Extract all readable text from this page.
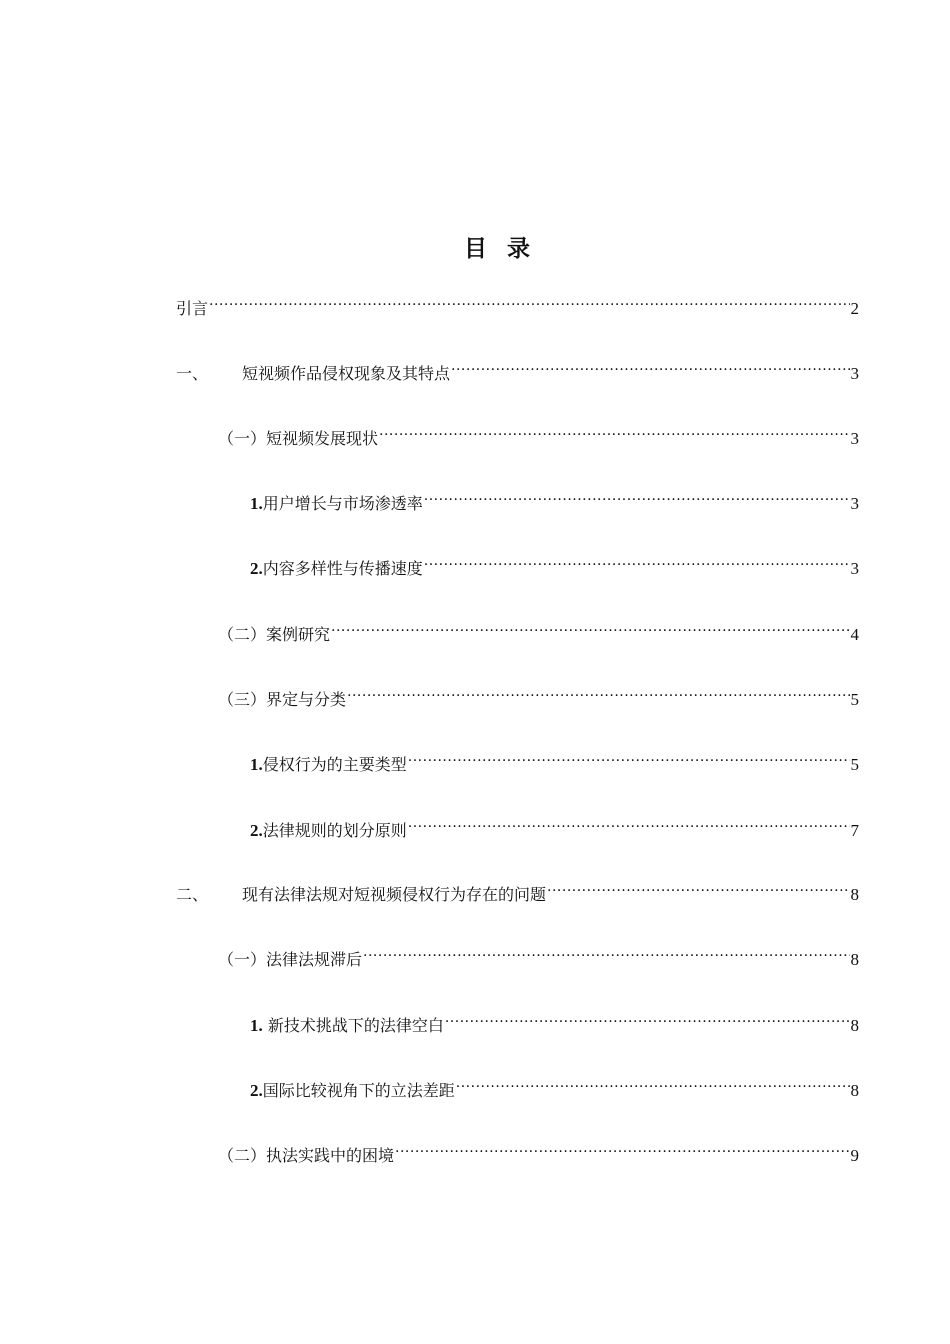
目 录
引言 .....	2
一、	短视频作品侵权现象及其特点 .....	3
（一）短视频发展现状 .....	3
1. 用户增长与市场渗透率 .....	3
2. 内容多样性与传播速度 .....	3
（二）案例研究 .....	4
（三）界定与分类 .....	5
1. 侵权行为的主要类型 .....	5
2. 法律规则的划分原则 .....	7
二、	现有法律法规对短视频侵权行为存在的问题 .....	8
（一）法律法规滞后 .....	8
1. 新技术挑战下的法律空白 .....	8
2. 国际比较视角下的立法差距 .....	8
（二）执法实践中的困境 .....	9
